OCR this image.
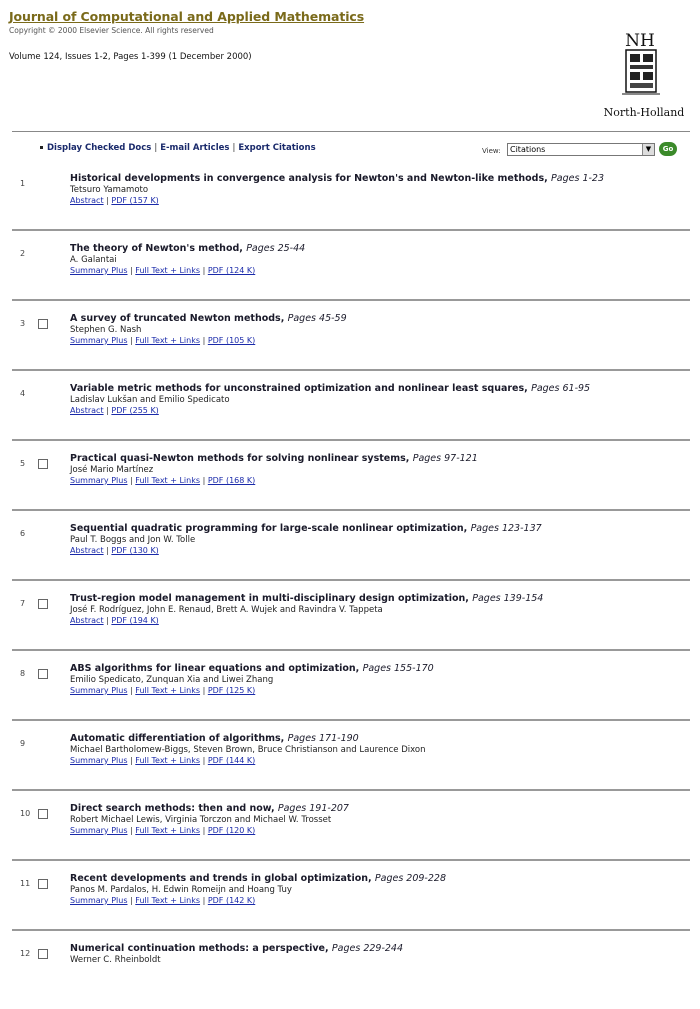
Journal of Computational and Applied Mathematics
Copyright © 2000 Elsevier Science. All rights reserved
Volume 124, Issues 1-2, Pages 1-399 (1 December 2000)
NH
North-Holland
Display Checked Docs | E-mail Articles | Export Citations	View:	Citations	▼	Go
1	Historical developments in convergence analysis for Newton's and Newton-like methods, Pages 1-23
Tetsuro Yamamoto
Abstract | PDF (157 K)
2	The theory of Newton's method, Pages 25-44
A. Galantai
Summary Plus | Full Text + Links | PDF (124 K)
3	A survey of truncated Newton methods, Pages 45-59
Stephen G. Nash
Summary Plus | Full Text + Links | PDF (105 K)
4	Variable metric methods for unconstrained optimization and nonlinear least squares, Pages 61-95
Ladislav Lukšan and Emilio Spedicato
Abstract | PDF (255 K)
5	Practical quasi-Newton methods for solving nonlinear systems, Pages 97-121
José Mario Martínez
Summary Plus | Full Text + Links | PDF (168 K)
6	Sequential quadratic programming for large-scale nonlinear optimization, Pages 123-137
Paul T. Boggs and Jon W. Tolle
Abstract | PDF (130 K)
7	Trust-region model management in multi-disciplinary design optimization, Pages 139-154
José F. Rodríguez, John E. Renaud, Brett A. Wujek and Ravindra V. Tappeta
Abstract | PDF (194 K)
8	ABS algorithms for linear equations and optimization, Pages 155-170
Emilio Spedicato, Zunquan Xia and Liwei Zhang
Summary Plus | Full Text + Links | PDF (125 K)
9	Automatic differentiation of algorithms, Pages 171-190
Michael Bartholomew-Biggs, Steven Brown, Bruce Christianson and Laurence Dixon
Summary Plus | Full Text + Links | PDF (144 K)
10	Direct search methods: then and now, Pages 191-207
Robert Michael Lewis, Virginia Torczon and Michael W. Trosset
Summary Plus | Full Text + Links | PDF (120 K)
11	Recent developments and trends in global optimization, Pages 209-228
Panos M. Pardalos, H. Edwin Romeijn and Hoang Tuy
Summary Plus | Full Text + Links | PDF (142 K)
12	Numerical continuation methods: a perspective, Pages 229-244
Werner C. Rheinboldt
